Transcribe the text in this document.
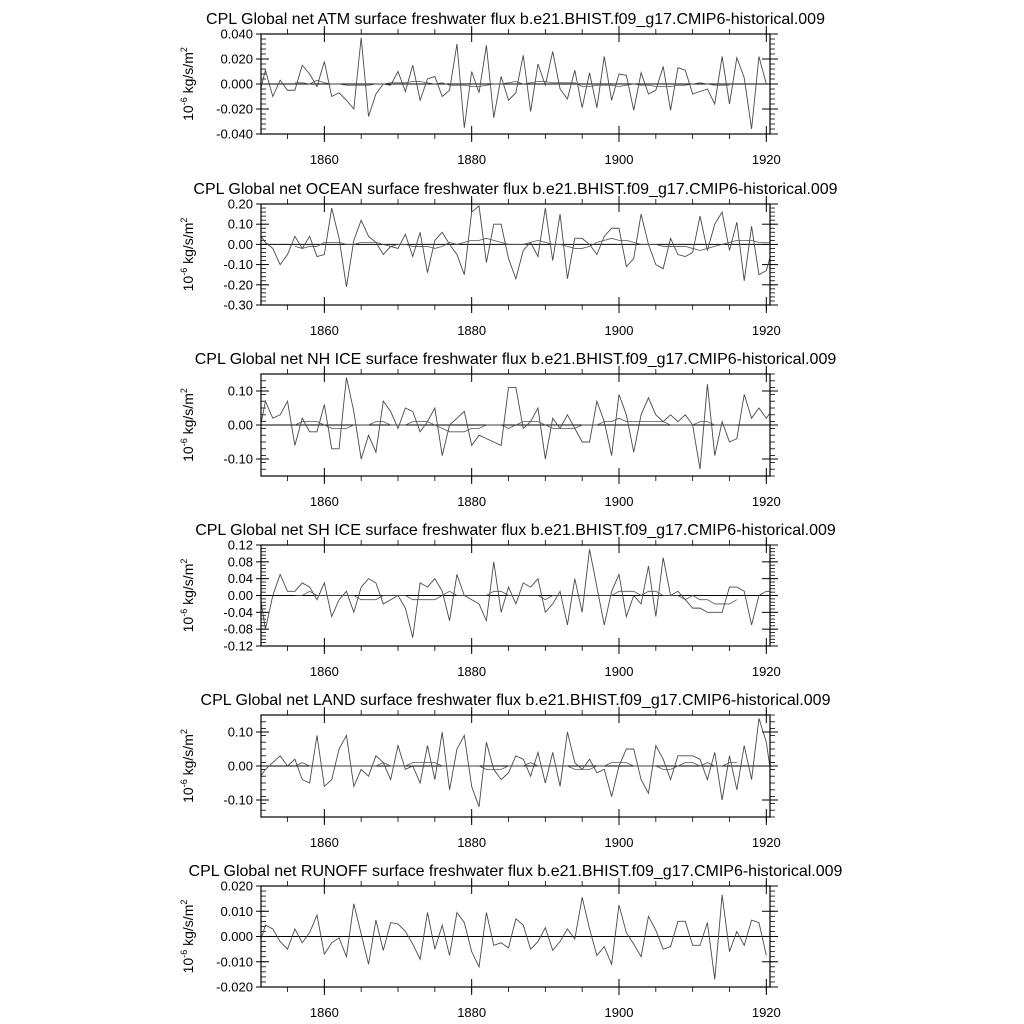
CPL Global net ATM surface freshwater flux b.e21.BHIST.f09_g17.CMIP6-historical.009
$10^{-6}$ $kg/s/m^2$
-0.040
-0.020
0.000
0.020
0.040
1860	1880	1900	1920
CPL Global net OCEAN surface freshwater flux b.e21.BHIST.f09_g17.CMIP6-historical.009
$10^{-6}$ $kg/s/m^2$
-0.30
-0.20
-0.10
0.00
0.10
0.20
1860	1880	1900	1920
CPL Global net NH ICE surface freshwater flux b.e21.BHIST.f09_g17.CMIP6-historical.009
$10^{-6}$ $kg/s/m^2$
-0.10
0.00
0.10
1860	1880	1900	1920
CPL Global net SH ICE surface freshwater flux b.e21.BHIST.f09_g17.CMIP6-historical.009
$10^{-6}$ $kg/s/m^2$
-0.12
-0.08
-0.04
0.00
0.04
0.08
0.12
1860	1880	1900	1920
CPL Global net LAND surface freshwater flux b.e21.BHIST.f09_g17.CMIP6-historical.009
$10^{-6}$ $kg/s/m^2$
-0.10
0.00
0.10
1860	1880	1900	1920
CPL Global net RUNOFF surface freshwater flux b.e21.BHIST.f09_g17.CMIP6-historical.009
$10^{-6}$ $kg/s/m^2$
-0.020
-0.010
0.000
0.010
0.020
1860	1880	1900	1920
